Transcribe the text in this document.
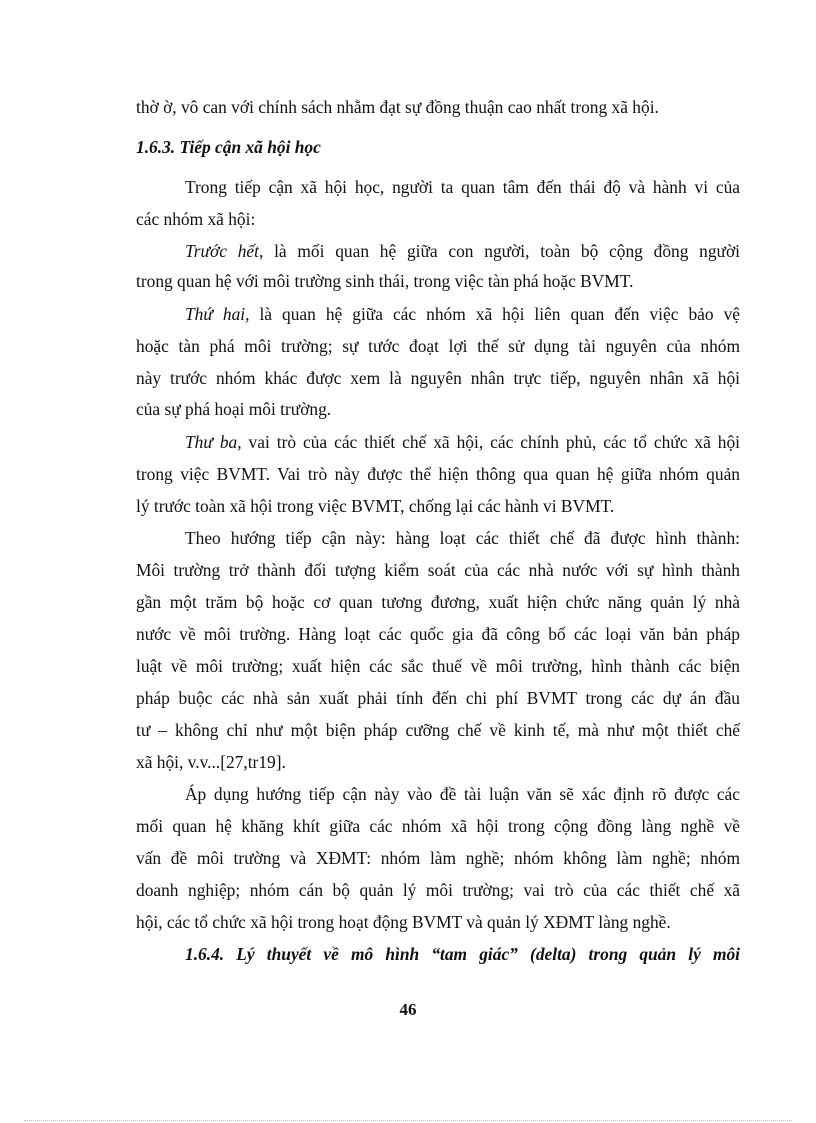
thờ ờ, vô can với chính sách nhằm đạt sự đồng thuận cao nhất trong xã hội.
1.6.3. Tiếp cận xã hội học
Trong tiếp cận xã hội học, người ta quan tâm đến thái độ và hành vi của
các nhóm xã hội:
Trước hết, là mối quan hệ giữa con người, toàn bộ cộng đồng người
trong quan hệ với môi trường sinh thái, trong việc tàn phá hoặc BVMT.
Thứ hai, là quan hệ giữa các nhóm xã hội liên quan đến việc bảo vệ
hoặc tàn phá môi trường; sự tước đoạt lợi thế sử dụng tài nguyên của nhóm
này trước nhóm khác được xem là nguyên nhân trực tiếp, nguyên nhân xã hội
của sự phá hoại môi trường.
Thư ba, vai trò của các thiết chế xã hội, các chính phủ, các tổ chức xã hội
trong việc BVMT. Vai trò này được thể hiện thông qua quan hệ giữa nhóm quản
lý trước toàn xã hội trong việc BVMT, chống lại các hành vi BVMT.
Theo hướng tiếp cận này: hàng loạt các thiết chế đã được hình thành:
Môi trường trở thành đối tượng kiểm soát của các nhà nước với sự hình thành
gần một trăm bộ hoặc cơ quan tương đương, xuất hiện chức năng quản lý nhà
nước về môi trường. Hàng loạt các quốc gia đã công bố các loại văn bản pháp
luật về môi trường; xuất hiện các sắc thuế về môi trường, hình thành các biện
pháp buộc các nhà sản xuất phải tính đến chi phí BVMT trong các dự án đầu
tư – không chỉ như một biện pháp cưỡng chế về kinh tế, mà như một thiết chế
xã hội, v.v...[27,tr19].
Áp dụng hướng tiếp cận này vào đề tài luận văn sẽ xác định rõ được các
mối quan hệ khăng khít giữa các nhóm xã hội trong cộng đồng làng nghề về
vấn đề môi trường và XĐMT: nhóm làm nghề; nhóm không làm nghề; nhóm
doanh nghiệp; nhóm cán bộ quản lý môi trường; vai trò của các thiết chế xã
hội, các tổ chức xã hội trong hoạt động BVMT và quản lý XĐMT làng nghề.
1.6.4. Lý thuyết về mô hình “tam giác” (delta) trong quản lý môi
46
